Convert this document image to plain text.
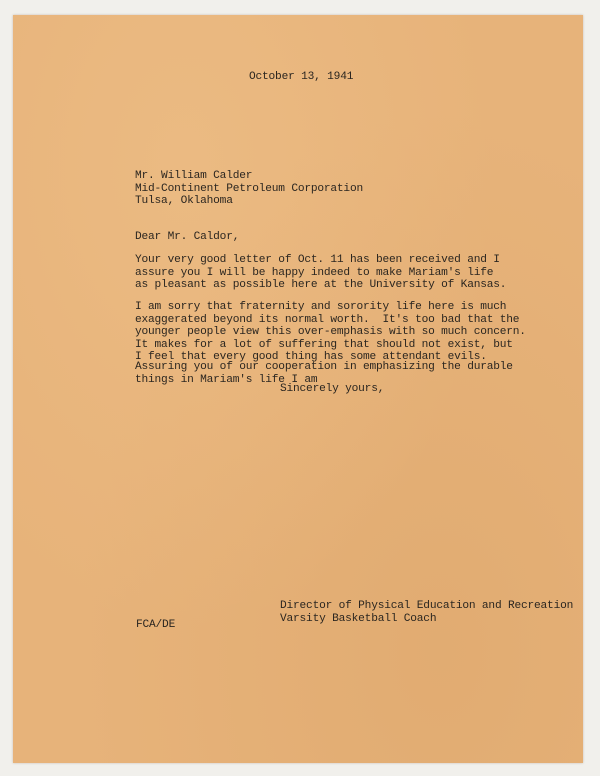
October 13, 1941

Mr. William Calder
Mid-Continent Petroleum Corporation
Tulsa, Oklahoma

Dear Mr. Caldor,

Your very good letter of Oct. 11 has been received and I
assure you I will be happy indeed to make Mariam's life
as pleasant as possible here at the University of Kansas.
I am sorry that fraternity and sorority life here is much
exaggerated beyond its normal worth.  It's too bad that the
younger people view this over-emphasis with so much concern.
It makes for a lot of suffering that should not exist, but
I feel that every good thing has some attendant evils.
Assuring you of our cooperation in emphasizing the durable
things in Mariam's life I am

Sincerely yours,

Director of Physical Education and Recreation
Varsity Basketball Coach

FCA/DE
